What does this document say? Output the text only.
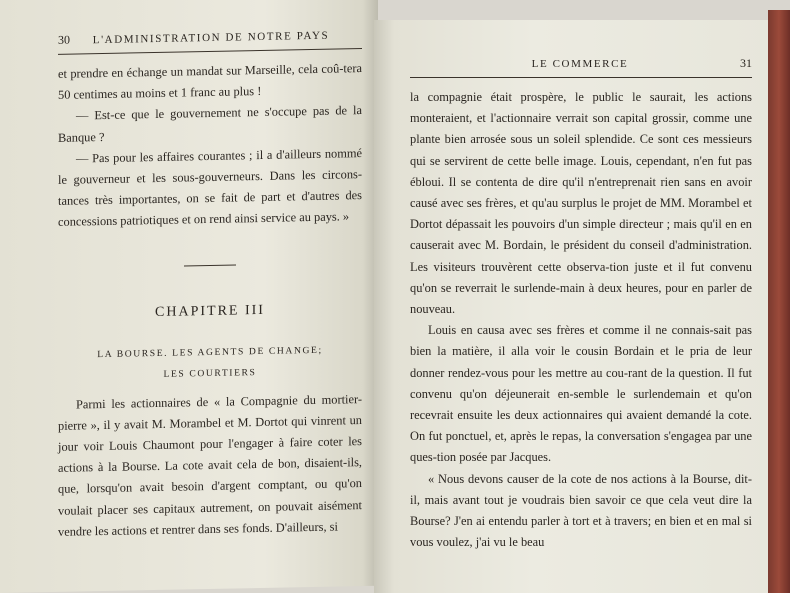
30 L'ADMINISTRATION DE NOTRE PAYS

et prendre en échange un mandat sur Marseille, cela coû-tera 50 centimes au moins et 1 franc au plus !

— Est-ce que le gouvernement ne s'occupe pas de la Banque ?

— Pas pour les affaires courantes ; il a d'ailleurs nommé le gouverneur et les sous-gouverneurs. Dans les circons-tances très importantes, on se fait de part et d'autres des concessions patriotiques et on rend ainsi service au pays. »

CHAPITRE III
LA BOURSE. LES AGENTS DE CHANGE;
LES COURTIERS

Parmi les actionnaires de « la Compagnie du mortier-pierre », il y avait M. Morambel et M. Dortot qui vinrent un jour voir Louis Chaumont pour l'engager à faire coter les actions à la Bourse. La cote avait cela de bon, disaient-ils, que, lorsqu'on avait besoin d'argent comptant, ou qu'on voulait placer ses capitaux autrement, on pouvait aisément vendre les actions et rentrer dans ses fonds. D'ailleurs, si

LE COMMERCE	31

la compagnie était prospère, le public le saurait, les actions monteraient, et l'actionnaire verrait son capital grossir, comme une plante bien arrosée sous un soleil splendide. Ce sont ces messieurs qui se servirent de cette belle image. Louis, cependant, n'en fut pas ébloui. Il se contenta de dire qu'il n'entreprenait rien sans en avoir causé avec ses frères, et qu'au surplus le projet de MM. Morambel et Dortot dépassait les pouvoirs d'un simple directeur ; mais qu'il en en causerait avec M. Bordain, le président du conseil d'administration. Les visiteurs trouvèrent cette observa-tion juste et il fut convenu qu'on se reverrait le surlende-main à deux heures, pour en parler de nouveau.

Louis en causa avec ses frères et comme il ne connais-sait pas bien la matière, il alla voir le cousin Bordain et le pria de leur donner rendez-vous pour les mettre au cou-rant de la question. Il fut convenu qu'on déjeunerait en-semble le surlendemain et qu'on recevrait ensuite les deux actionnaires qui avaient demandé la cote. On fut ponctuel, et, après le repas, la conversation s'engagea par une ques-tion posée par Jacques.

« Nous devons causer de la cote de nos actions à la Bourse, dit-il, mais avant tout je voudrais bien savoir ce que cela veut dire la Bourse? J'en ai entendu parler à tort et à travers; en bien et en mal si vous voulez, j'ai vu le beau
